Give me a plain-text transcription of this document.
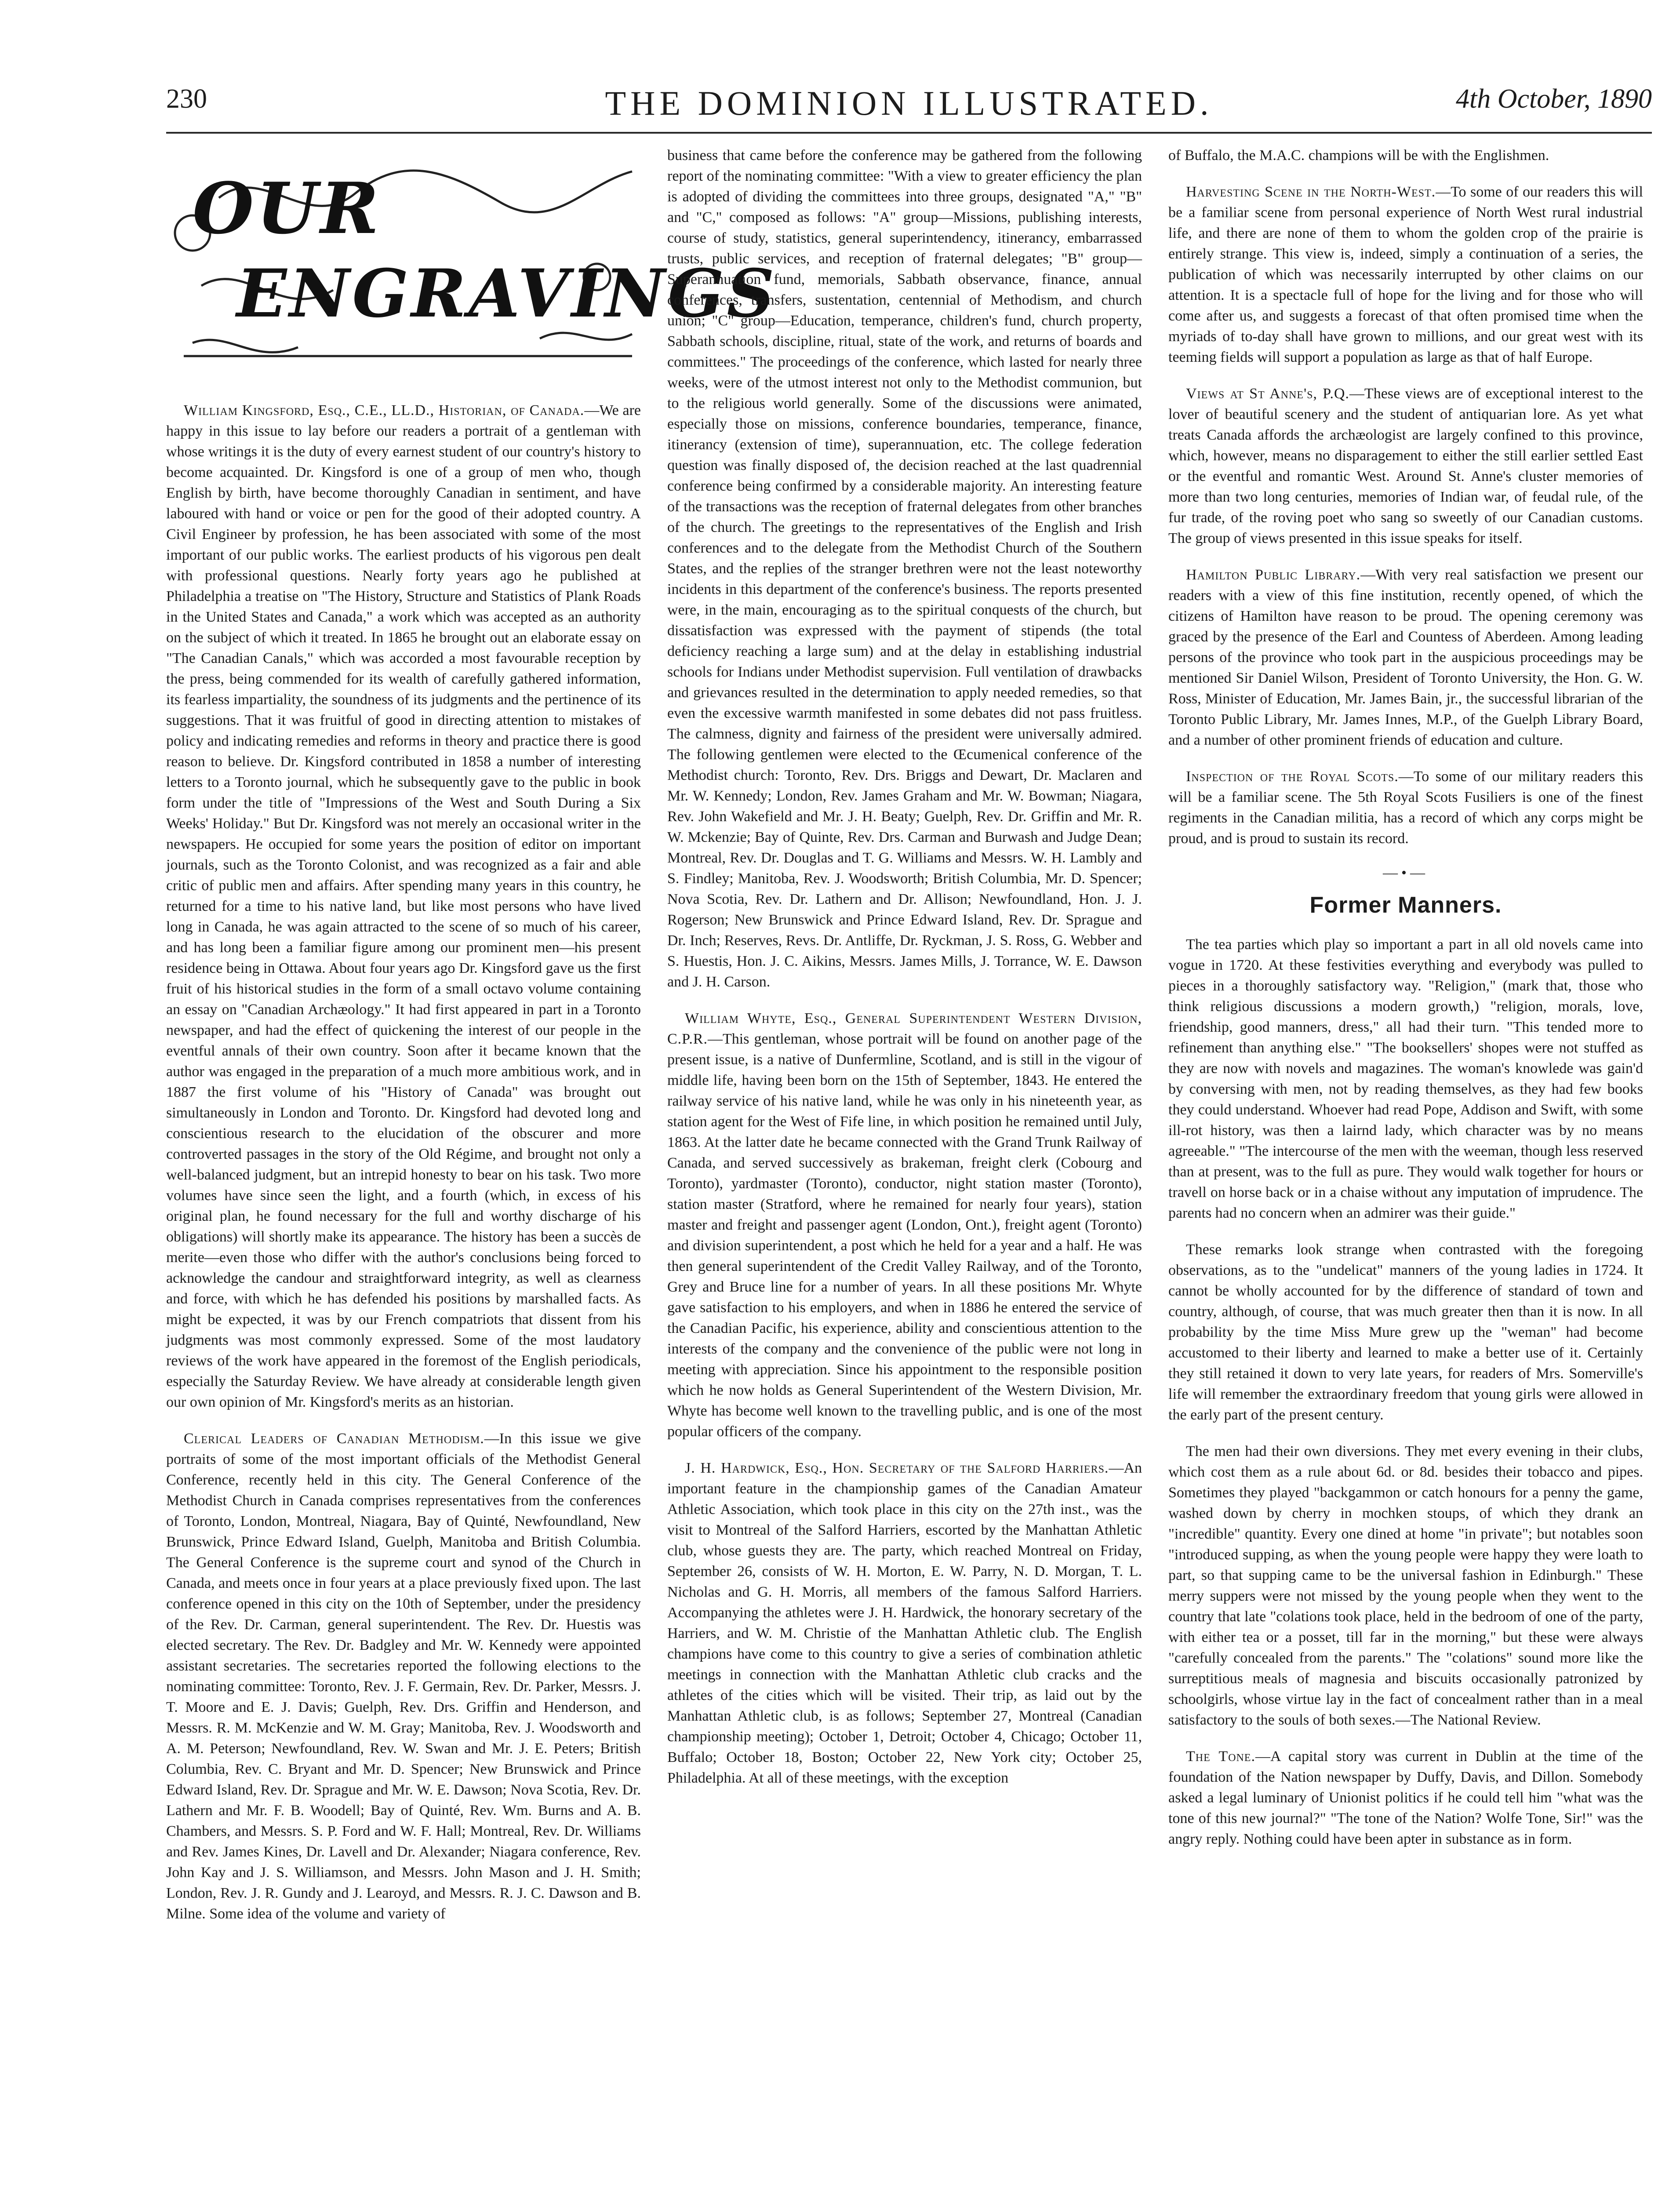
230	THE DOMINION ILLUSTRATED.	4th October, 1890
OUR
ENGRAVINGS

William Kingsford, Esq., C.E., LL.D., Historian, of Canada.—We are happy in this issue to lay before our readers a portrait of a gentleman with whose writings it is the duty of every earnest student of our country's history to become acquainted. Dr. Kingsford is one of a group of men who, though English by birth, have become thoroughly Canadian in sentiment, and have laboured with hand or voice or pen for the good of their adopted country. A Civil Engineer by profession, he has been associated with some of the most important of our public works. The earliest products of his vigorous pen dealt with professional questions. Nearly forty years ago he published at Philadelphia a treatise on "The History, Structure and Statistics of Plank Roads in the United States and Canada," a work which was accepted as an authority on the subject of which it treated. In 1865 he brought out an elaborate essay on "The Canadian Canals," which was accorded a most favourable reception by the press, being commended for its wealth of carefully gathered information, its fearless impartiality, the soundness of its judgments and the pertinence of its suggestions. That it was fruitful of good in directing attention to mistakes of policy and indicating remedies and reforms in theory and practice there is good reason to believe. Dr. Kingsford contributed in 1858 a number of interesting letters to a Toronto journal, which he subsequently gave to the public in book form under the title of "Impressions of the West and South During a Six Weeks' Holiday." But Dr. Kingsford was not merely an occasional writer in the newspapers. He occupied for some years the position of editor on important journals, such as the Toronto Colonist, and was recognized as a fair and able critic of public men and affairs. After spending many years in this country, he returned for a time to his native land, but like most persons who have lived long in Canada, he was again attracted to the scene of so much of his career, and has long been a familiar figure among our prominent men—his present residence being in Ottawa. About four years ago Dr. Kingsford gave us the first fruit of his historical studies in the form of a small octavo volume containing an essay on "Canadian Archæology." It had first appeared in part in a Toronto newspaper, and had the effect of quickening the interest of our people in the eventful annals of their own country. Soon after it became known that the author was engaged in the preparation of a much more ambitious work, and in 1887 the first volume of his "History of Canada" was brought out simultaneously in London and Toronto. Dr. Kingsford had devoted long and conscientious research to the elucidation of the obscurer and more controverted passages in the story of the Old Régime, and brought not only a well-balanced judgment, but an intrepid honesty to bear on his task. Two more volumes have since seen the light, and a fourth (which, in excess of his original plan, he found necessary for the full and worthy discharge of his obligations) will shortly make its appearance. The history has been a succès de merite—even those who differ with the author's conclusions being forced to acknowledge the candour and straightforward integrity, as well as clearness and force, with which he has defended his positions by marshalled facts. As might be expected, it was by our French compatriots that dissent from his judgments was most commonly expressed. Some of the most laudatory reviews of the work have appeared in the foremost of the English periodicals, especially the Saturday Review. We have already at considerable length given our own opinion of Mr. Kingsford's merits as an historian.

Clerical Leaders of Canadian Methodism.—In this issue we give portraits of some of the most important officials of the Methodist General Conference, recently held in this city. The General Conference of the Methodist Church in Canada comprises representatives from the conferences of Toronto, London, Montreal, Niagara, Bay of Quinté, Newfoundland, New Brunswick, Prince Edward Island, Guelph, Manitoba and British Columbia. The General Conference is the supreme court and synod of the Church in Canada, and meets once in four years at a place previously fixed upon. The last conference opened in this city on the 10th of September, under the presidency of the Rev. Dr. Carman, general superintendent. The Rev. Dr. Huestis was elected secretary. The Rev. Dr. Badgley and Mr. W. Kennedy were appointed assistant secretaries. The secretaries reported the following elections to the nominating committee: Toronto, Rev. J. F. Germain, Rev. Dr. Parker, Messrs. J. T. Moore and E. J. Davis; Guelph, Rev. Drs. Griffin and Henderson, and Messrs. R. M. McKenzie and W. M. Gray; Manitoba, Rev. J. Woodsworth and A. M. Peterson; Newfoundland, Rev. W. Swan and Mr. J. E. Peters; British Columbia, Rev. C. Bryant and Mr. D. Spencer; New Brunswick and Prince Edward Island, Rev. Dr. Sprague and Mr. W. E. Dawson; Nova Scotia, Rev. Dr. Lathern and Mr. F. B. Woodell; Bay of Quinté, Rev. Wm. Burns and A. B. Chambers, and Messrs. S. P. Ford and W. F. Hall; Montreal, Rev. Dr. Williams and Rev. James Kines, Dr. Lavell and Dr. Alexander; Niagara conference, Rev. John Kay and J. S. Williamson, and Messrs. John Mason and J. H. Smith; London, Rev. J. R. Gundy and J. Learoyd, and Messrs. R. J. C. Dawson and B. Milne. Some idea of the volume and variety of

business that came before the conference may be gathered from the following report of the nominating committee: "With a view to greater efficiency the plan is adopted of dividing the committees into three groups, designated "A," "B" and "C," composed as follows: "A" group—Missions, publishing interests, course of study, statistics, general superintendency, itinerancy, embarrassed trusts, public services, and reception of fraternal delegates; "B" group—Superannuation fund, memorials, Sabbath observance, finance, annual conferences, transfers, sustentation, centennial of Methodism, and church union; "C" group—Education, temperance, children's fund, church property, Sabbath schools, discipline, ritual, state of the work, and returns of boards and committees." The proceedings of the conference, which lasted for nearly three weeks, were of the utmost interest not only to the Methodist communion, but to the religious world generally. Some of the discussions were animated, especially those on missions, conference boundaries, temperance, finance, itinerancy (extension of time), superannuation, etc. The college federation question was finally disposed of, the decision reached at the last quadrennial conference being confirmed by a considerable majority. An interesting feature of the transactions was the reception of fraternal delegates from other branches of the church. The greetings to the representatives of the English and Irish conferences and to the delegate from the Methodist Church of the Southern States, and the replies of the stranger brethren were not the least noteworthy incidents in this department of the conference's business. The reports presented were, in the main, encouraging as to the spiritual conquests of the church, but dissatisfaction was expressed with the payment of stipends (the total deficiency reaching a large sum) and at the delay in establishing industrial schools for Indians under Methodist supervision. Full ventilation of drawbacks and grievances resulted in the determination to apply needed remedies, so that even the excessive warmth manifested in some debates did not pass fruitless. The calmness, dignity and fairness of the president were universally admired. The following gentlemen were elected to the Œcumenical conference of the Methodist church: Toronto, Rev. Drs. Briggs and Dewart, Dr. Maclaren and Mr. W. Kennedy; London, Rev. James Graham and Mr. W. Bowman; Niagara, Rev. John Wakefield and Mr. J. H. Beaty; Guelph, Rev. Dr. Griffin and Mr. R. W. Mckenzie; Bay of Quinte, Rev. Drs. Carman and Burwash and Judge Dean; Montreal, Rev. Dr. Douglas and T. G. Williams and Messrs. W. H. Lambly and S. Findley; Manitoba, Rev. J. Woodsworth; British Columbia, Mr. D. Spencer; Nova Scotia, Rev. Dr. Lathern and Dr. Allison; Newfoundland, Hon. J. J. Rogerson; New Brunswick and Prince Edward Island, Rev. Dr. Sprague and Dr. Inch; Reserves, Revs. Dr. Antliffe, Dr. Ryckman, J. S. Ross, G. Webber and S. Huestis, Hon. J. C. Aikins, Messrs. James Mills, J. Torrance, W. E. Dawson and J. H. Carson.

William Whyte, Esq., General Superintendent Western Division, C.P.R.—This gentleman, whose portrait will be found on another page of the present issue, is a native of Dunfermline, Scotland, and is still in the vigour of middle life, having been born on the 15th of September, 1843. He entered the railway service of his native land, while he was only in his nineteenth year, as station agent for the West of Fife line, in which position he remained until July, 1863. At the latter date he became connected with the Grand Trunk Railway of Canada, and served successively as brakeman, freight clerk (Cobourg and Toronto), yardmaster (Toronto), conductor, night station master (Toronto), station master (Stratford, where he remained for nearly four years), station master and freight and passenger agent (London, Ont.), freight agent (Toronto) and division superintendent, a post which he held for a year and a half. He was then general superintendent of the Credit Valley Railway, and of the Toronto, Grey and Bruce line for a number of years. In all these positions Mr. Whyte gave satisfaction to his employers, and when in 1886 he entered the service of the Canadian Pacific, his experience, ability and conscientious attention to the interests of the company and the convenience of the public were not long in meeting with appreciation. Since his appointment to the responsible position which he now holds as General Superintendent of the Western Division, Mr. Whyte has become well known to the travelling public, and is one of the most popular officers of the company.

J. H. Hardwick, Esq., Hon. Secretary of the Salford Harriers.—An important feature in the championship games of the Canadian Amateur Athletic Association, which took place in this city on the 27th inst., was the visit to Montreal of the Salford Harriers, escorted by the Manhattan Athletic club, whose guests they are. The party, which reached Montreal on Friday, September 26, consists of W. H. Morton, E. W. Parry, N. D. Morgan, T. L. Nicholas and G. H. Morris, all members of the famous Salford Harriers. Accompanying the athletes were J. H. Hardwick, the honorary secretary of the Harriers, and W. M. Christie of the Manhattan Athletic club. The English champions have come to this country to give a series of combination athletic meetings in connection with the Manhattan Athletic club cracks and the athletes of the cities which will be visited. Their trip, as laid out by the Manhattan Athletic club, is as follows; September 27, Montreal (Canadian championship meeting); October 1, Detroit; October 4, Chicago; October 11, Buffalo; October 18, Boston; October 22, New York city; October 25, Philadelphia. At all of these meetings, with the exception

of Buffalo, the M.A.C. champions will be with the Englishmen.

Harvesting Scene in the North-West.—To some of our readers this will be a familiar scene from personal experience of North West rural industrial life, and there are none of them to whom the golden crop of the prairie is entirely strange. This view is, indeed, simply a continuation of a series, the publication of which was necessarily interrupted by other claims on our attention. It is a spectacle full of hope for the living and for those who will come after us, and suggests a forecast of that often promised time when the myriads of to-day shall have grown to millions, and our great west with its teeming fields will support a population as large as that of half Europe.

Views at St Anne's, P.Q.—These views are of exceptional interest to the lover of beautiful scenery and the student of antiquarian lore. As yet what treats Canada affords the archæologist are largely confined to this province, which, however, means no disparagement to either the still earlier settled East or the eventful and romantic West. Around St. Anne's cluster memories of more than two long centuries, memories of Indian war, of feudal rule, of the fur trade, of the roving poet who sang so sweetly of our Canadian customs. The group of views presented in this issue speaks for itself.

Hamilton Public Library.—With very real satisfaction we present our readers with a view of this fine institution, recently opened, of which the citizens of Hamilton have reason to be proud. The opening ceremony was graced by the presence of the Earl and Countess of Aberdeen. Among leading persons of the province who took part in the auspicious proceedings may be mentioned Sir Daniel Wilson, President of Toronto University, the Hon. G. W. Ross, Minister of Education, Mr. James Bain, jr., the successful librarian of the Toronto Public Library, Mr. James Innes, M.P., of the Guelph Library Board, and a number of other prominent friends of education and culture.

Inspection of the Royal Scots.—To some of our military readers this will be a familiar scene. The 5th Royal Scots Fusiliers is one of the finest regiments in the Canadian militia, has a record of which any corps might be proud, and is proud to sustain its record.

—•—
Former Manners.

The tea parties which play so important a part in all old novels came into vogue in 1720. At these festivities everything and everybody was pulled to pieces in a thoroughly satisfactory way. "Religion," (mark that, those who think religious discussions a modern growth,) "religion, morals, love, friendship, good manners, dress," all had their turn. "This tended more to refinement than anything else." "The booksellers' shopes were not stuffed as they are now with novels and magazines. The woman's knowlede was gain'd by conversing with men, not by reading themselves, as they had few books they could understand. Whoever had read Pope, Addison and Swift, with some ill-rot history, was then a lairnd lady, which character was by no means agreeable." "The intercourse of the men with the weeman, though less reserved than at present, was to the full as pure. They would walk together for hours or travell on horse back or in a chaise without any imputation of imprudence. The parents had no concern when an admirer was their guide."

These remarks look strange when contrasted with the foregoing observations, as to the "undelicat" manners of the young ladies in 1724. It cannot be wholly accounted for by the difference of standard of town and country, although, of course, that was much greater then than it is now. In all probability by the time Miss Mure grew up the "weman" had become accustomed to their liberty and learned to make a better use of it. Certainly they still retained it down to very late years, for readers of Mrs. Somerville's life will remember the extraordinary freedom that young girls were allowed in the early part of the present century.

The men had their own diversions. They met every evening in their clubs, which cost them as a rule about 6d. or 8d. besides their tobacco and pipes. Sometimes they played "backgammon or catch honours for a penny the game, washed down by cherry in mochken stoups, of which they drank an "incredible" quantity. Every one dined at home "in private"; but notables soon "introduced supping, as when the young people were happy they were loath to part, so that supping came to be the universal fashion in Edinburgh." These merry suppers were not missed by the young people when they went to the country that late "colations took place, held in the bedroom of one of the party, with either tea or a posset, till far in the morning," but these were always "carefully concealed from the parents." The "colations" sound more like the surreptitious meals of magnesia and biscuits occasionally patronized by schoolgirls, whose virtue lay in the fact of concealment rather than in a meal satisfactory to the souls of both sexes.—The National Review.

The Tone.—A capital story was current in Dublin at the time of the foundation of the Nation newspaper by Duffy, Davis, and Dillon. Somebody asked a legal luminary of Unionist politics if he could tell him "what was the tone of this new journal?" "The tone of the Nation? Wolfe Tone, Sir!" was the angry reply. Nothing could have been apter in substance as in form.
